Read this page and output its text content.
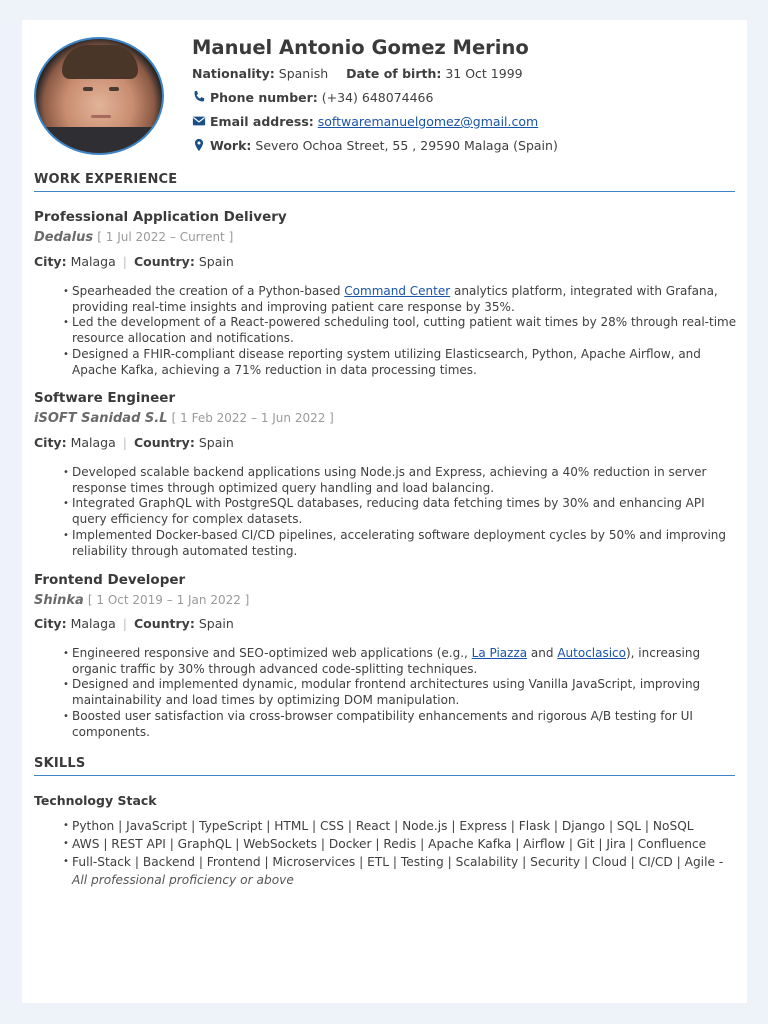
Manuel Antonio Gomez Merino
Nationality: Spanish Date of birth: 31 Oct 1999
Phone number: (+34) 648074466
Email address: softwaremanuelgomez@gmail.com
Work: Severo Ochoa Street, 55 , 29590 Malaga (Spain)
WORK EXPERIENCE
Professional Application Delivery
Dedalus [ 1 Jul 2022 – Current ]
City: Malaga | Country: Spain
• Spearheaded the creation of a Python-based Command Center analytics platform, integrated with Grafana, providing real-time insights and improving patient care response by 35%.
• Led the development of a React-powered scheduling tool, cutting patient wait times by 28% through real-time resource allocation and notifications.
• Designed a FHIR-compliant disease reporting system utilizing Elasticsearch, Python, Apache Airflow, and Apache Kafka, achieving a 71% reduction in data processing times.
Software Engineer
iSOFT Sanidad S.L [ 1 Feb 2022 – 1 Jun 2022 ]
City: Malaga | Country: Spain
• Developed scalable backend applications using Node.js and Express, achieving a 40% reduction in server response times through optimized query handling and load balancing.
• Integrated GraphQL with PostgreSQL databases, reducing data fetching times by 30% and enhancing API query efficiency for complex datasets.
• Implemented Docker-based CI/CD pipelines, accelerating software deployment cycles by 50% and improving reliability through automated testing.
Frontend Developer
Shinka [ 1 Oct 2019 – 1 Jan 2022 ]
City: Malaga | Country: Spain
• Engineered responsive and SEO-optimized web applications (e.g., La Piazza and Autoclasico), increasing organic traffic by 30% through advanced code-splitting techniques.
• Designed and implemented dynamic, modular frontend architectures using Vanilla JavaScript, improving maintainability and load times by optimizing DOM manipulation.
• Boosted user satisfaction via cross-browser compatibility enhancements and rigorous A/B testing for UI components.
SKILLS
Technology Stack
• Python | JavaScript | TypeScript | HTML | CSS | React | Node.js | Express | Flask | Django | SQL | NoSQL
• AWS | REST API | GraphQL | WebSockets | Docker | Redis | Apache Kafka | Airflow | Git | Jira | Confluence
• Full-Stack | Backend | Frontend | Microservices | ETL | Testing | Scalability | Security | Cloud | CI/CD | Agile -
All professional proficiency or above
